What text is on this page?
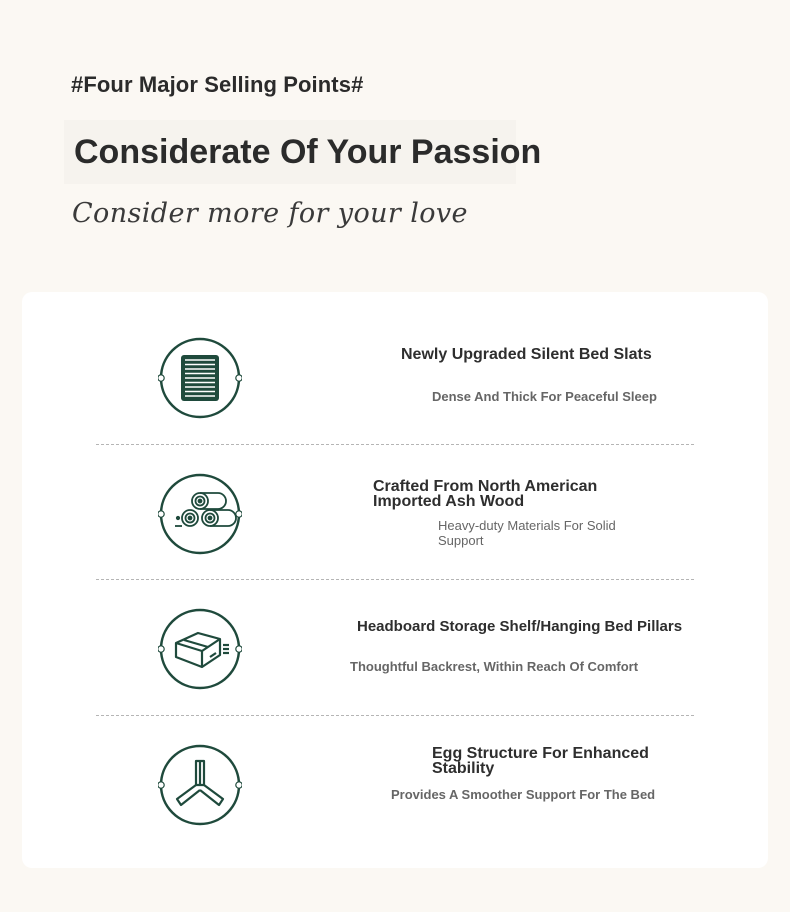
#Four Major Selling Points#
Considerate Of Your Passion
Consider more for your love
Newly Upgraded Silent Bed Slats
Dense And Thick For Peaceful Sleep
Crafted From North American Imported Ash Wood
Heavy-duty Materials For Solid Support
Headboard Storage Shelf/Hanging Bed Pillars
Thoughtful Backrest, Within Reach Of Comfort
Egg Structure For Enhanced Stability
Provides A Smoother Support For The Bed
